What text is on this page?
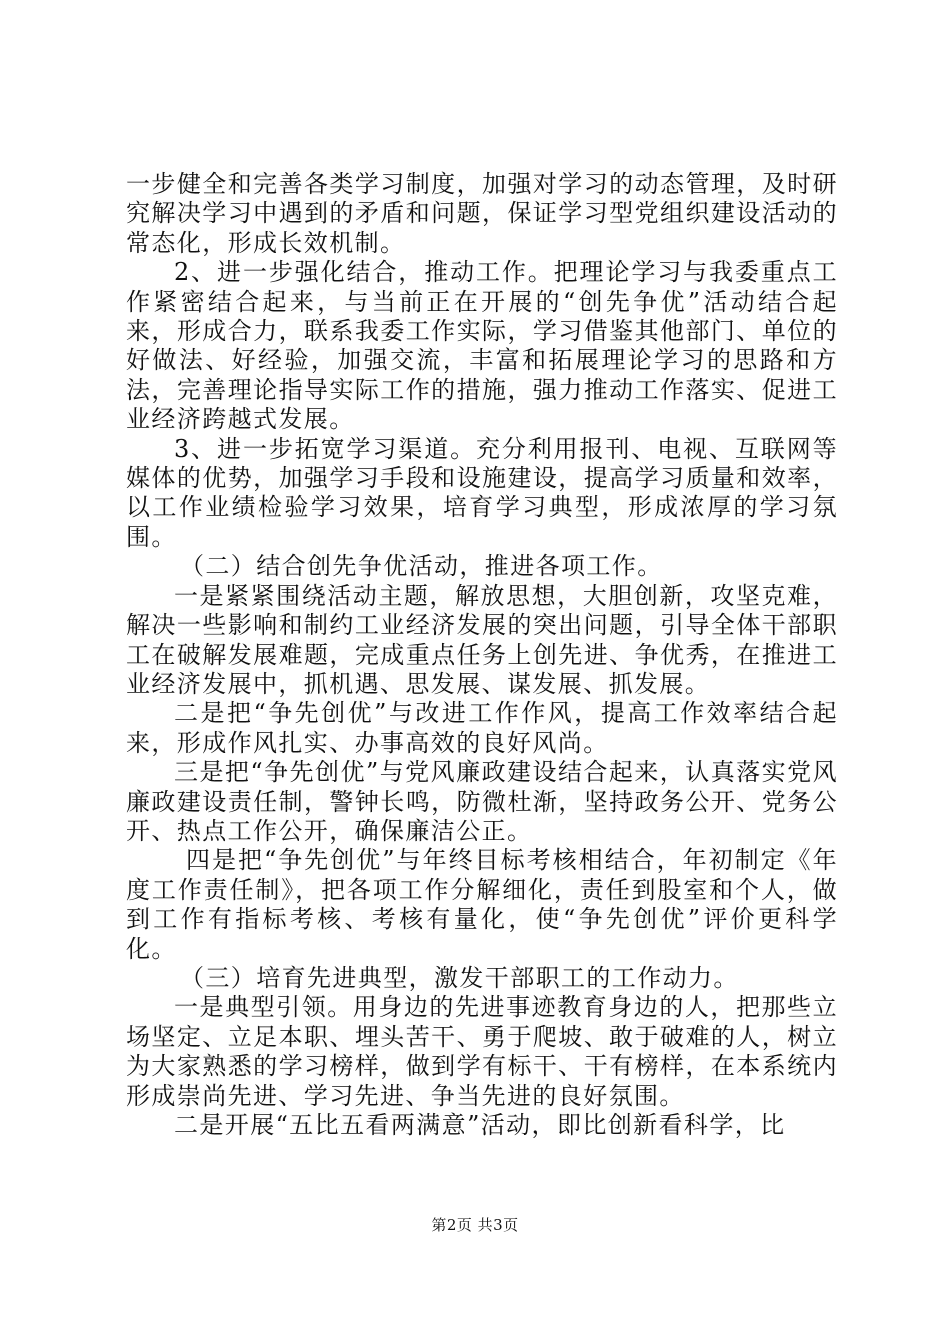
一步健全和完善各类学习制度，加强对学习的动态管理，及时研究解决学习中遇到的矛盾和问题，保证学习型党组织建设活动的常态化，形成长效机制。

2、进一步强化结合，推动工作。把理论学习与我委重点工作紧密结合起来，与当前正在开展的“创先争优”活动结合起来，形成合力，联系我委工作实际，学习借鉴其他部门、单位的好做法、好经验，加强交流，丰富和拓展理论学习的思路和方法，完善理论指导实际工作的措施，强力推动工作落实、促进工业经济跨越式发展。

3、进一步拓宽学习渠道。充分利用报刊、电视、互联网等媒体的优势，加强学习手段和设施建设，提高学习质量和效率，以工作业绩检验学习效果，培育学习典型，形成浓厚的学习氛围。

（二）结合创先争优活动，推进各项工作。

一是紧紧围绕活动主题，解放思想，大胆创新，攻坚克难，解决一些影响和制约工业经济发展的突出问题，引导全体干部职工在破解发展难题，完成重点任务上创先进、争优秀，在推进工业经济发展中，抓机遇、思发展、谋发展、抓发展。

二是把“争先创优”与改进工作作风，提高工作效率结合起来，形成作风扎实、办事高效的良好风尚。

三是把“争先创优”与党风廉政建设结合起来，认真落实党风廉政建设责任制，警钟长鸣，防微杜渐，坚持政务公开、党务公开、热点工作公开，确保廉洁公正。

四是把“争先创优”与年终目标考核相结合，年初制定《年度工作责任制》，把各项工作分解细化，责任到股室和个人，做到工作有指标考核、考核有量化，使“争先创优”评价更科学化。

（三）培育先进典型，激发干部职工的工作动力。

一是典型引领。用身边的先进事迹教育身边的人，把那些立场坚定、立足本职、埋头苦干、勇于爬坡、敢于破难的人，树立为大家熟悉的学习榜样，做到学有标干、干有榜样，在本系统内形成崇尚先进、学习先进、争当先进的良好氛围。

二是开展“五比五看两满意”活动，即比创新看科学，比

第2页 共3页
